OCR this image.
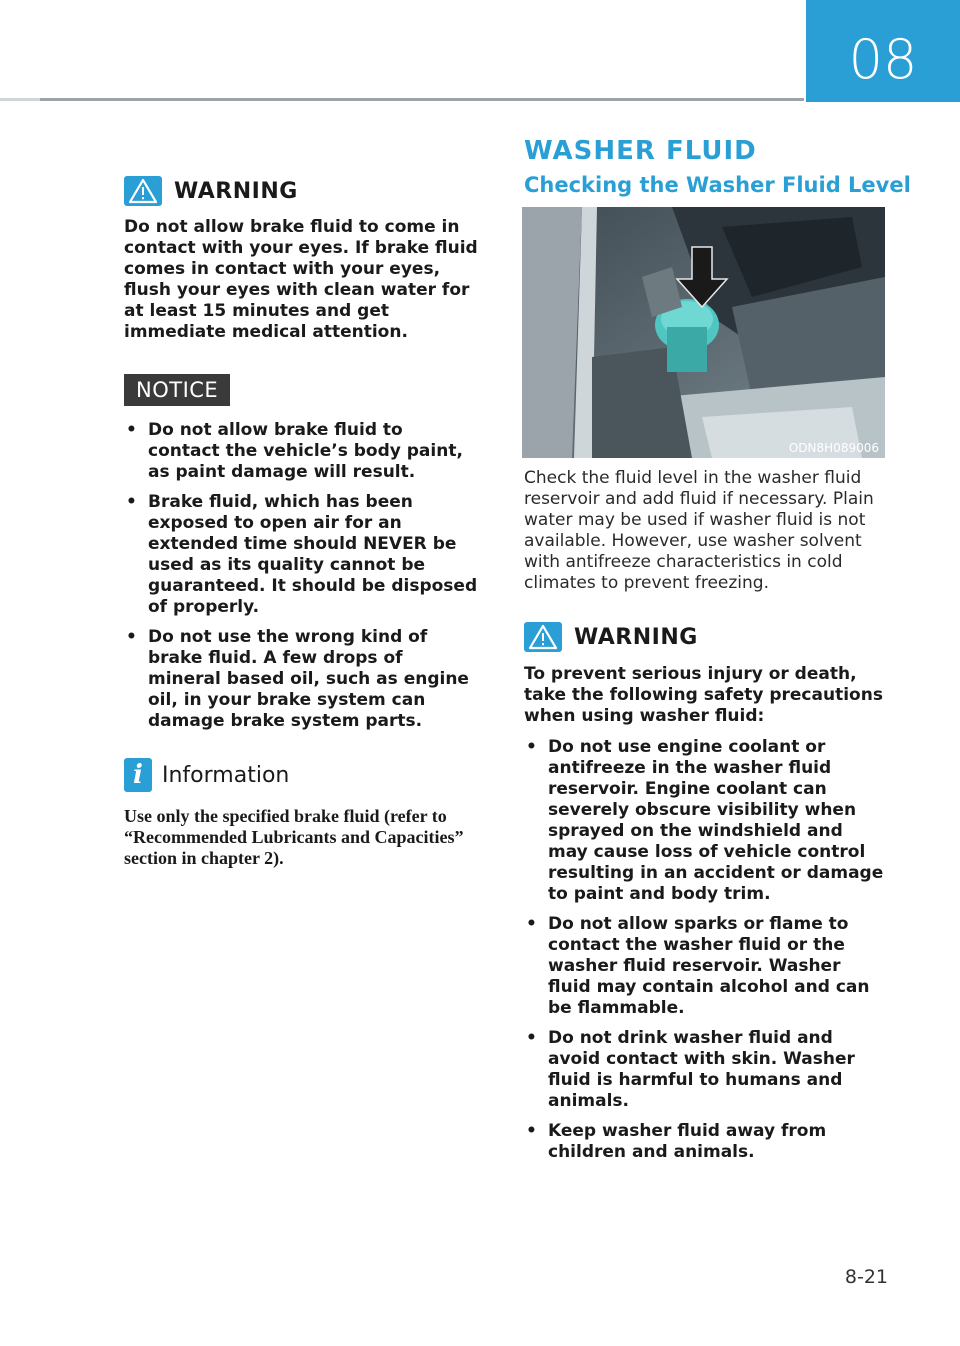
08
WARNING
Do not allow brake fluid to come in contact with your eyes. If brake fluid comes in contact with your eyes, flush your eyes with clean water for at least 15 minutes and get immediate medical attention.
NOTICE
• Do not allow brake fluid to contact the vehicle’s body paint, as paint damage will result.
• Brake fluid, which has been exposed to open air for an extended time should NEVER be used as its quality cannot be guaranteed. It should be disposed of properly.
• Do not use the wrong kind of brake fluid. A few drops of mineral based oil, such as engine oil, in your brake system can damage brake system parts.
i Information
Use only the specified brake fluid (refer to “Recommended Lubricants and Capacities” section in chapter 2).
WASHER FLUID
Checking the Washer Fluid Level
ODN8H089006
Check the fluid level in the washer fluid reservoir and add fluid if necessary. Plain water may be used if washer fluid is not available. However, use washer solvent with antifreeze characteristics in cold climates to prevent freezing.
WARNING
To prevent serious injury or death, take the following safety precautions when using washer fluid:
• Do not use engine coolant or antifreeze in the washer fluid reservoir. Engine coolant can severely obscure visibility when sprayed on the windshield and may cause loss of vehicle control resulting in an accident or damage to paint and body trim.
• Do not allow sparks or flame to contact the washer fluid or the washer fluid reservoir. Washer fluid may contain alcohol and can be flammable.
• Do not drink washer fluid and avoid contact with skin. Washer fluid is harmful to humans and animals.
• Keep washer fluid away from children and animals.
8-21
